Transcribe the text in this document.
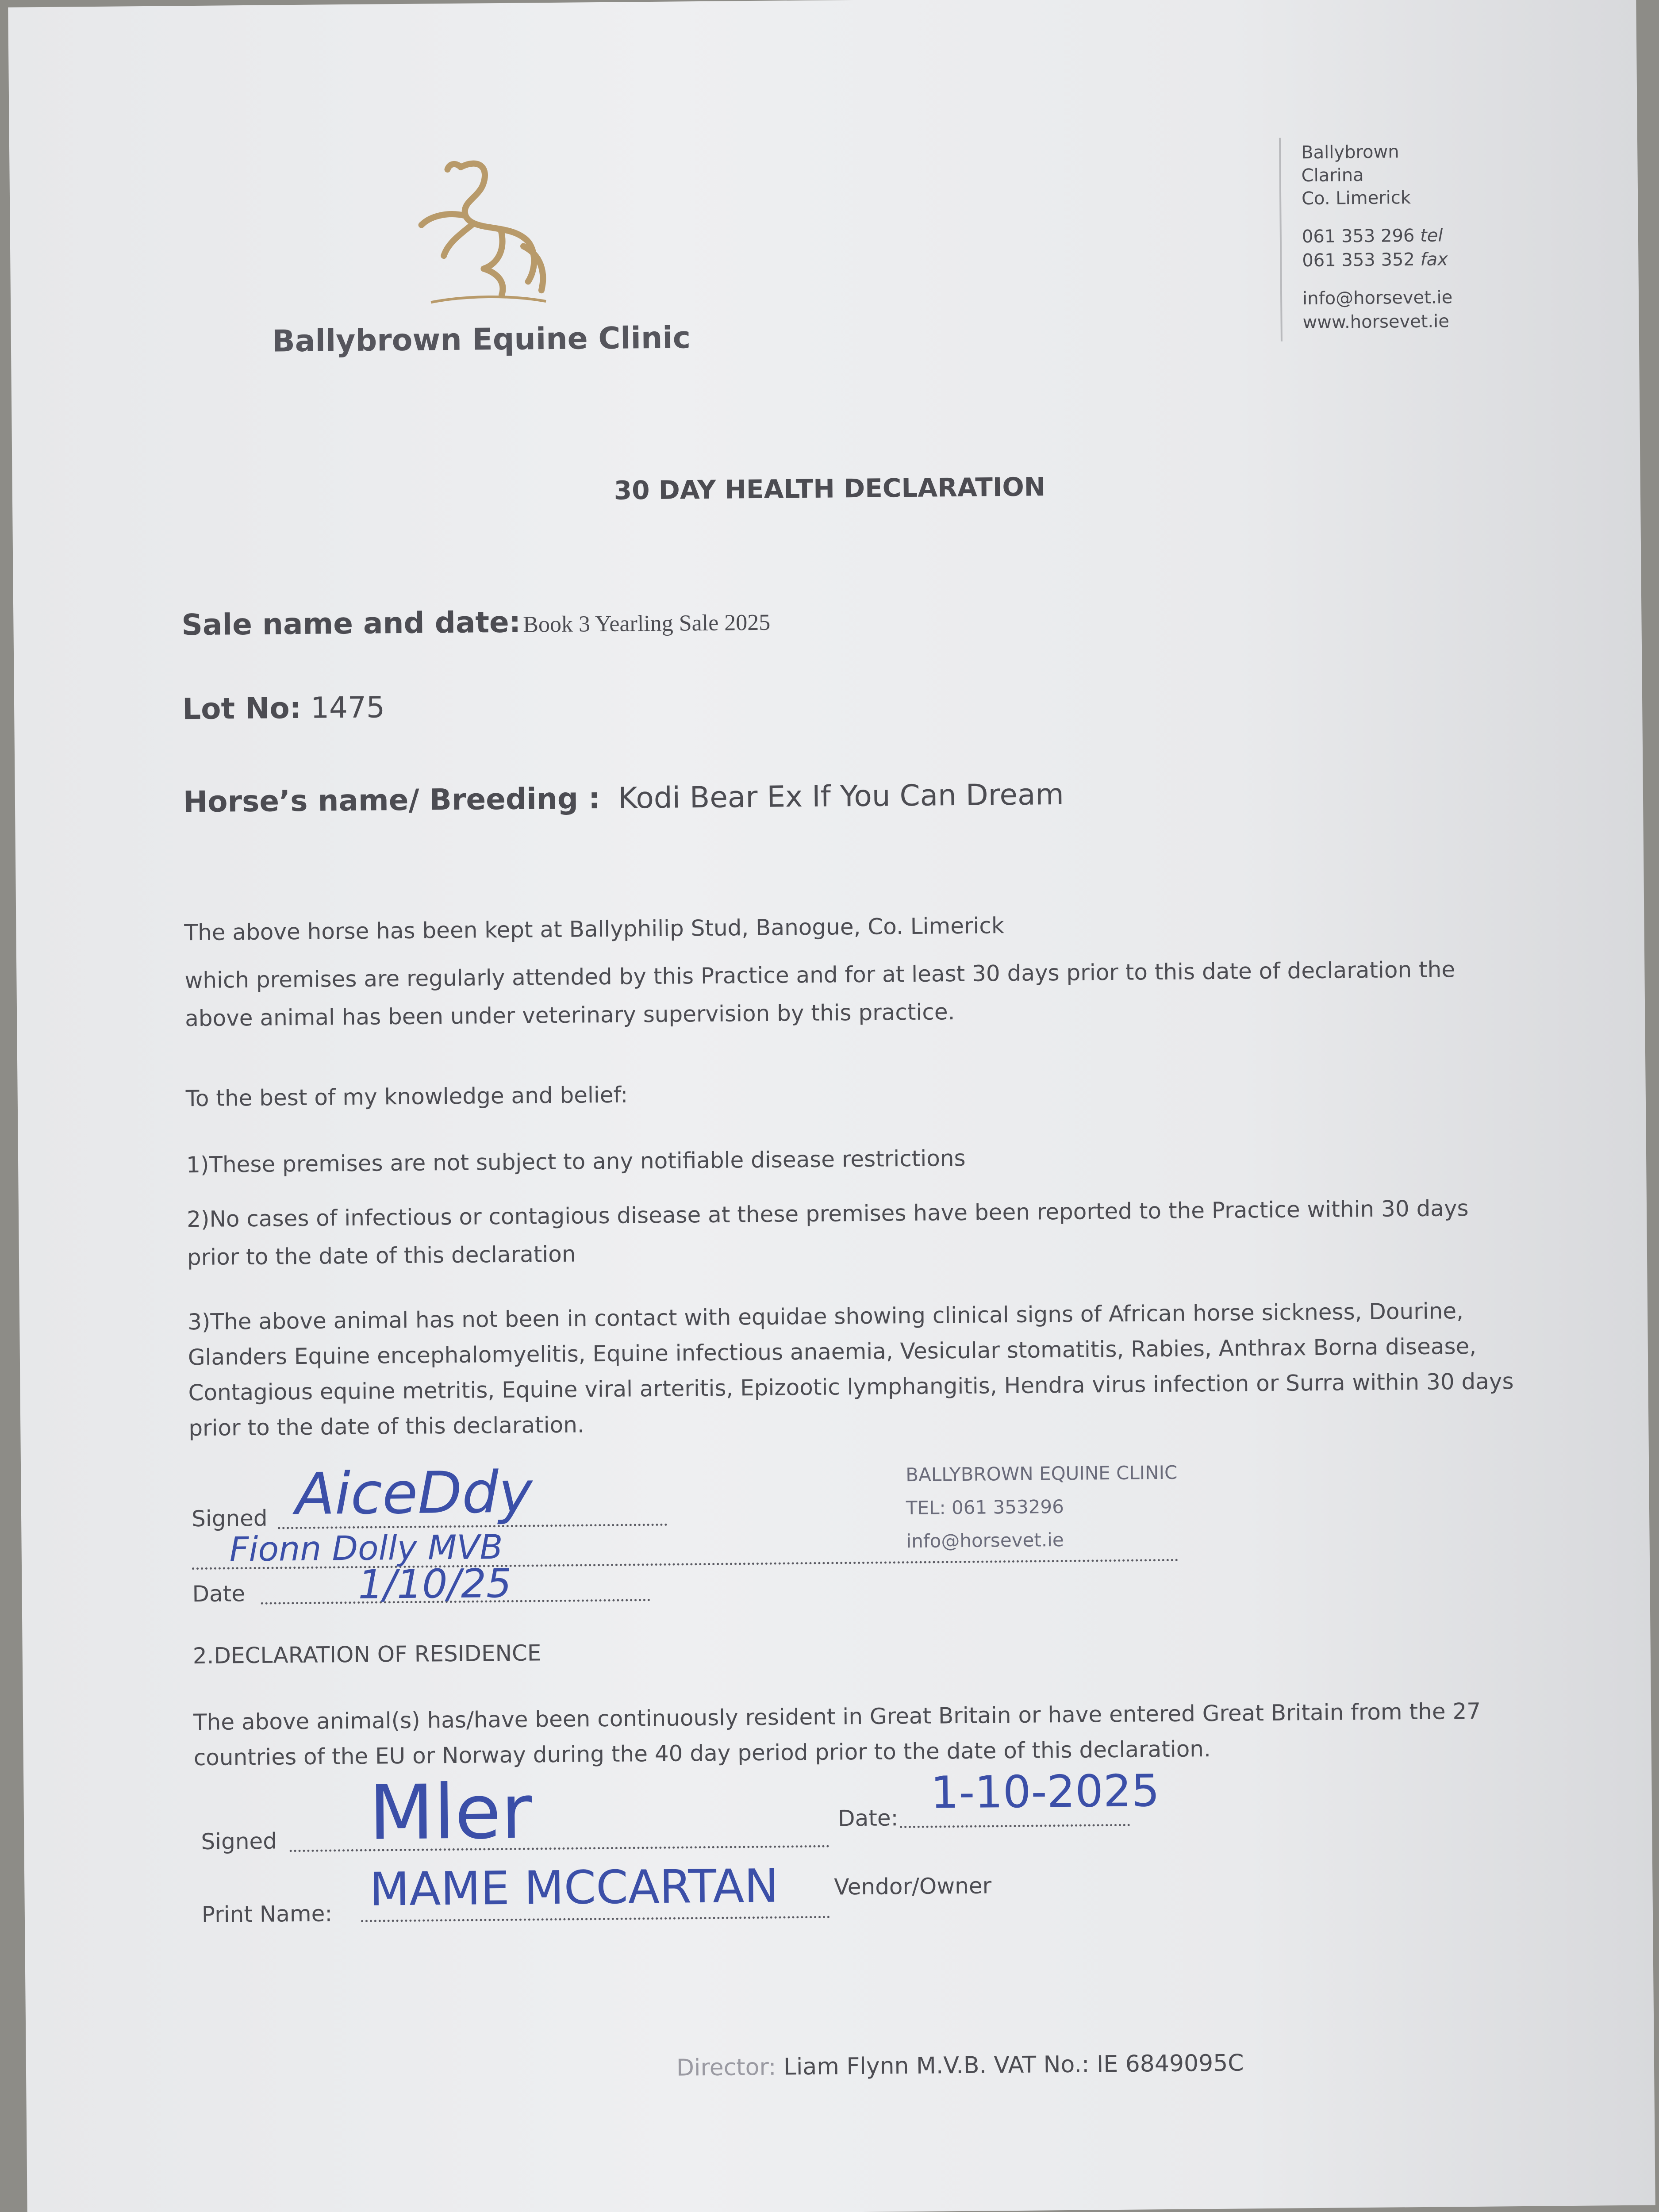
Ballybrown Equine Clinic
Ballybrown
Clarina
Co. Limerick
061 353 296 tel
061 353 352 fax
info@horsevet.ie
www.horsevet.ie
30 DAY HEALTH DECLARATION
Sale name and date: Book 3 Yearling Sale 2025
Lot No: 1475
Horse’s name/ Breeding : Kodi Bear Ex If You Can Dream
The above horse has been kept at Ballyphilip Stud, Banogue, Co. Limerick
which premises are regularly attended by this Practice and for at least 30 days prior to this date of declaration the above animal has been under veterinary supervision by this practice.
To the best of my knowledge and belief:
1)These premises are not subject to any notifiable disease restrictions
2)No cases of infectious or contagious disease at these premises have been reported to the Practice within 30 days prior to the date of this declaration
3)The above animal has not been in contact with equidae showing clinical signs of African horse sickness, Dourine, Glanders Equine encephalomyelitis, Equine infectious anaemia, Vesicular stomatitis, Rabies, Anthrax Borna disease, Contagious equine metritis, Equine viral arteritis, Epizootic lymphangitis, Hendra virus infection or Surra within 30 days prior to the date of this declaration.
Signed AiceDdy
Fionn Dolly MVB
Date	1/10/25
BALLYBROWN EQUINE CLINIC
TEL: 061 353296
info@horsevet.ie
2.DECLARATION OF RESIDENCE
The above animal(s) has/have been continuously resident in Great Britain or have entered Great Britain from the 27 countries of the EU or Norway during the 40 day period prior to the date of this declaration.
Signed Mler	Date: 1-10-2025
Print Name: MAME MCCARTAN Vendor/Owner
Director: Liam Flynn M.V.B. VAT No.: IE 6849095C
